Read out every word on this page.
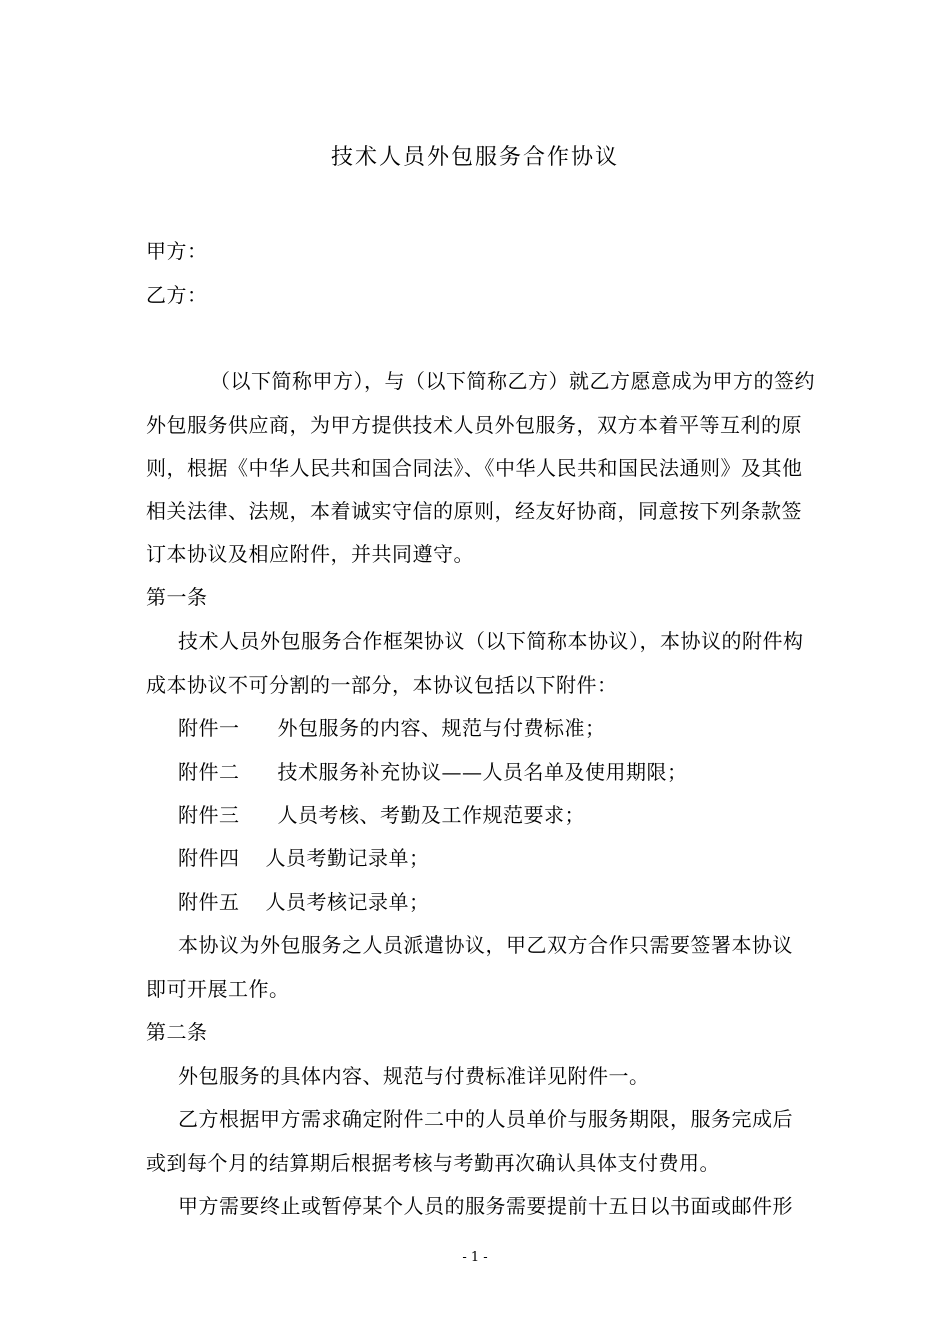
技术人员外包服务合作协议
甲方：
乙方：
（以下简称甲方），与（以下简称乙方）就乙方愿意成为甲方的签约
外包服务供应商，为甲方提供技术人员外包服务，双方本着平等互利的原
则，根据《中华人民共和国合同法》、《中华人民共和国民法通则》及其他
相关法律、法规，本着诚实守信的原则，经友好协商，同意按下列条款签
订本协议及相应附件，并共同遵守。
第一条
技术人员外包服务合作框架协议（以下简称本协议），本协议的附件构
成本协议不可分割的一部分，本协议包括以下附件：
附件一 外包服务的内容、规范与付费标准；
附件二 技术服务补充协议——人员名单及使用期限；
附件三 人员考核、考勤及工作规范要求；
附件四 人员考勤记录单；
附件五 人员考核记录单；
本协议为外包服务之人员派遣协议，甲乙双方合作只需要签署本协议
即可开展工作。
第二条
外包服务的具体内容、规范与付费标准详见附件一。
乙方根据甲方需求确定附件二中的人员单价与服务期限，服务完成后
或到每个月的结算期后根据考核与考勤再次确认具体支付费用。
甲方需要终止或暂停某个人员的服务需要提前十五日以书面或邮件形
- 1 -
